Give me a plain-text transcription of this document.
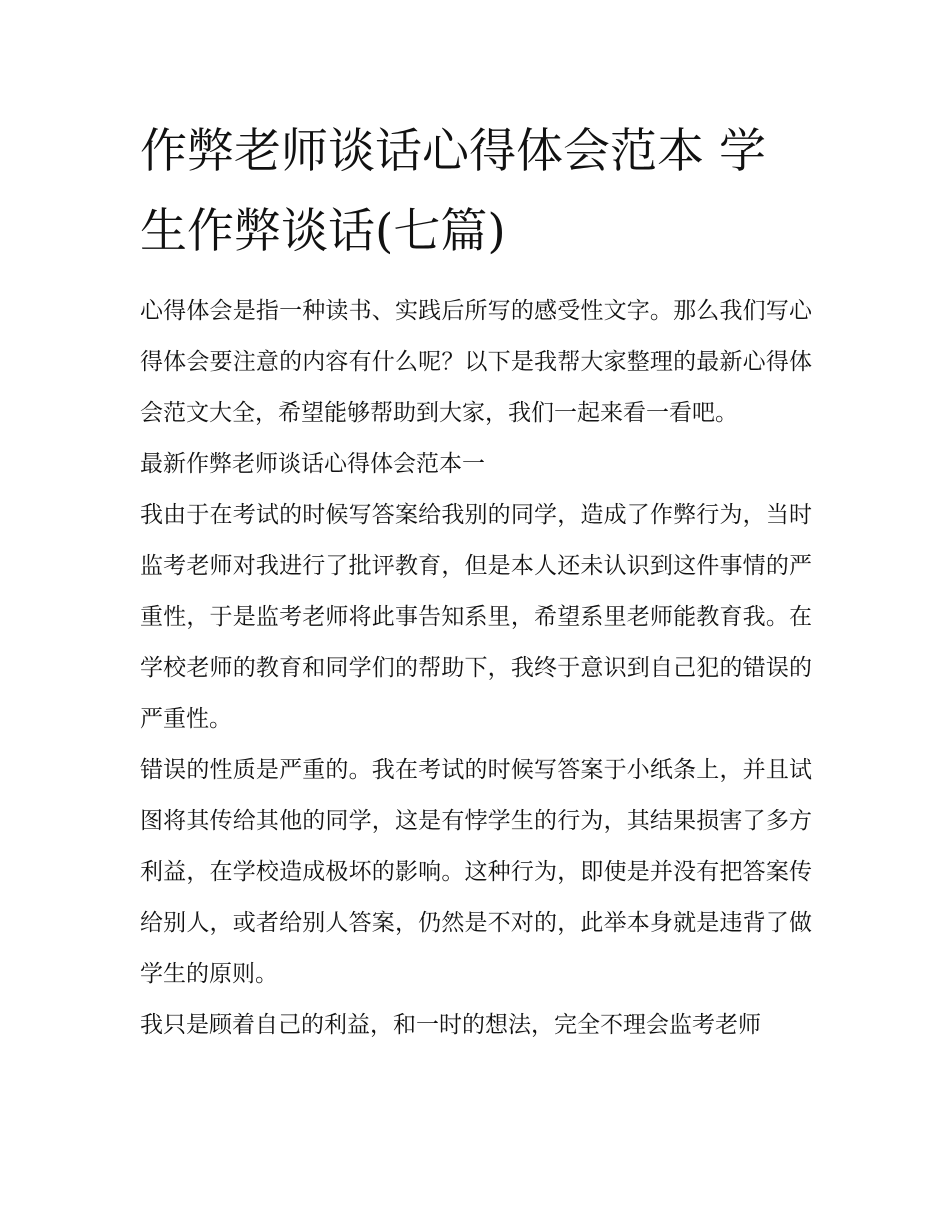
作弊老师谈话心得体会范本 学生作弊谈话(七篇)

心得体会是指一种读书、实践后所写的感受性文字。那么我们写心得体会要注意的内容有什么呢？以下是我帮大家整理的最新心得体会范文大全，希望能够帮助到大家，我们一起来看一看吧。

最新作弊老师谈话心得体会范本一

我由于在考试的时候写答案给我别的同学，造成了作弊行为，当时监考老师对我进行了批评教育，但是本人还未认识到这件事情的严重性，于是监考老师将此事告知系里，希望系里老师能教育我。在学校老师的教育和同学们的帮助下，我终于意识到自己犯的错误的严重性。

错误的性质是严重的。我在考试的时候写答案于小纸条上，并且试图将其传给其他的同学，这是有悖学生的行为，其结果损害了多方利益，在学校造成极坏的影响。这种行为，即使是并没有把答案传给别人，或者给别人答案，仍然是不对的，此举本身就是违背了做学生的原则。

我只是顾着自己的利益，和一时的想法，完全不理会监考老师
